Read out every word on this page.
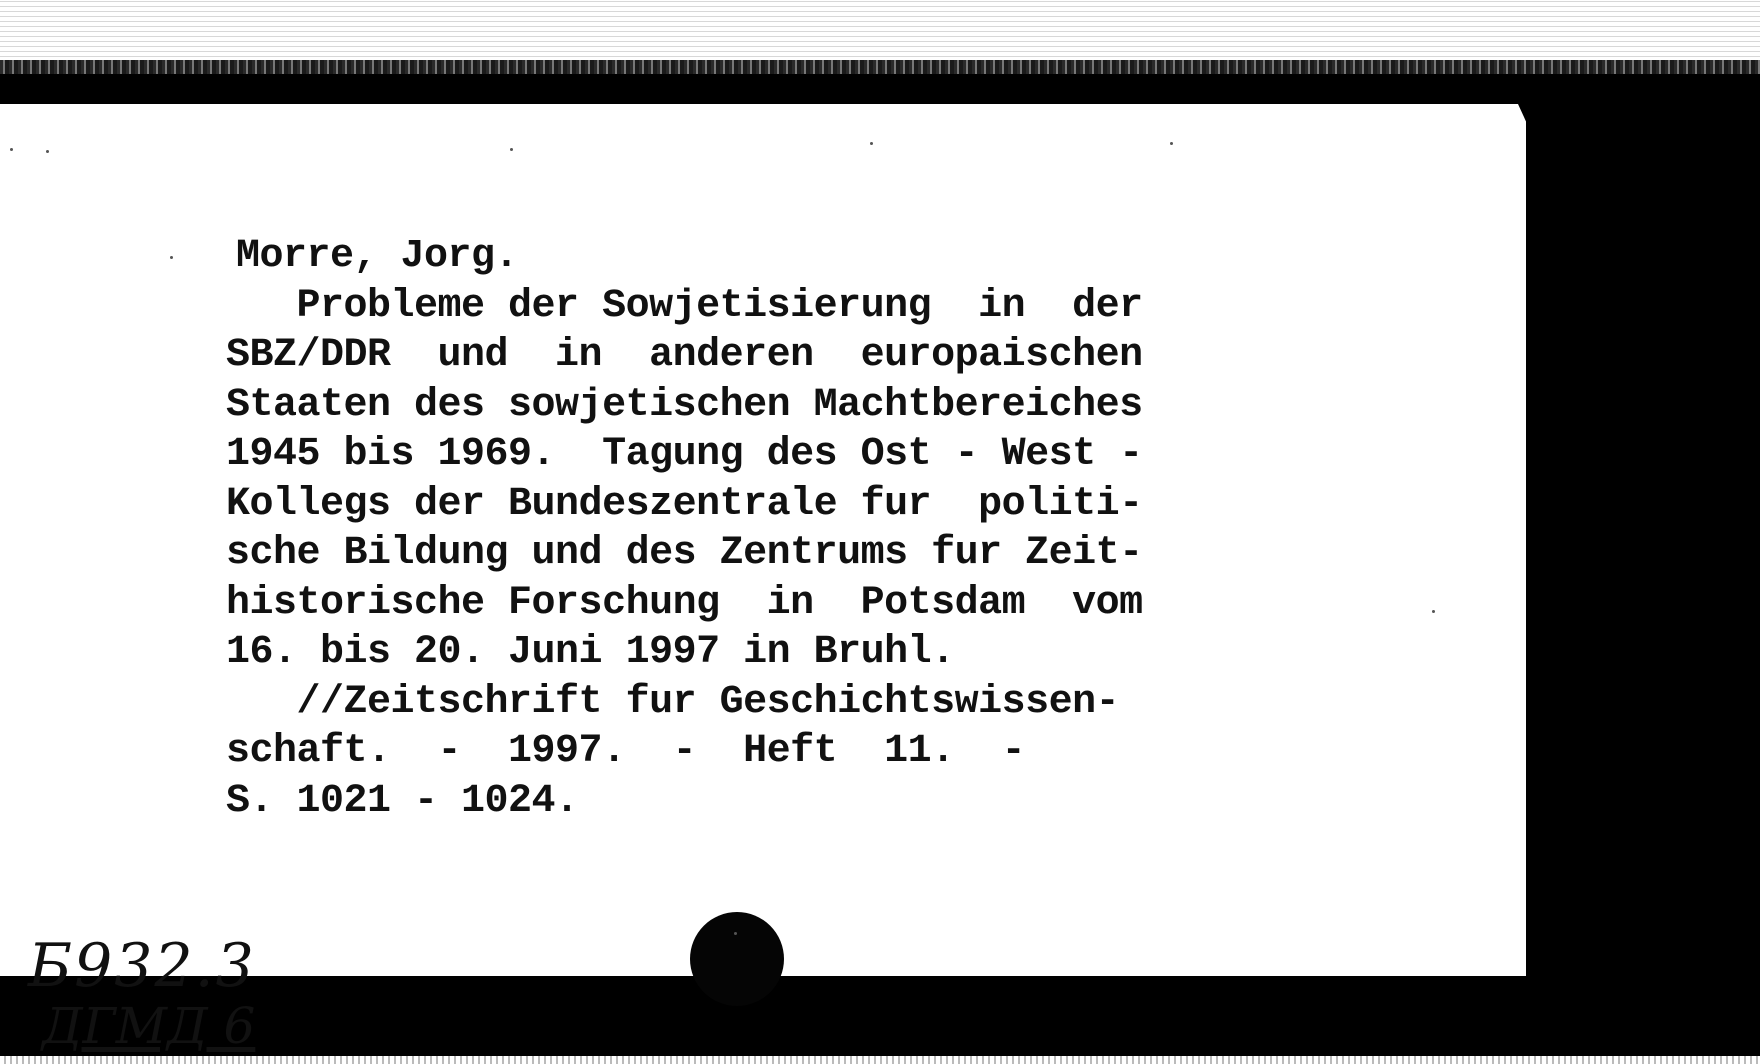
Morre, Jorg.
Probleme der Sowjetisierung  in  der
SBZ/DDR  und  in  anderen  europaischen
Staaten des sowjetischen Machtbereiches
1945 bis 1969.  Tagung des Ost - West -
Kollegs der Bundeszentrale fur  politi-
sche Bildung und des Zentrums fur Zeit-
historische Forschung  in  Potsdam  vom
16. bis 20. Juni 1997 in Bruhl.
//Zeitschrift fur Geschichtswissen-
schaft.  -  1997.  -  Heft  11.  -
S. 1021 - 1024.
Б932.3
ДГМД 6
